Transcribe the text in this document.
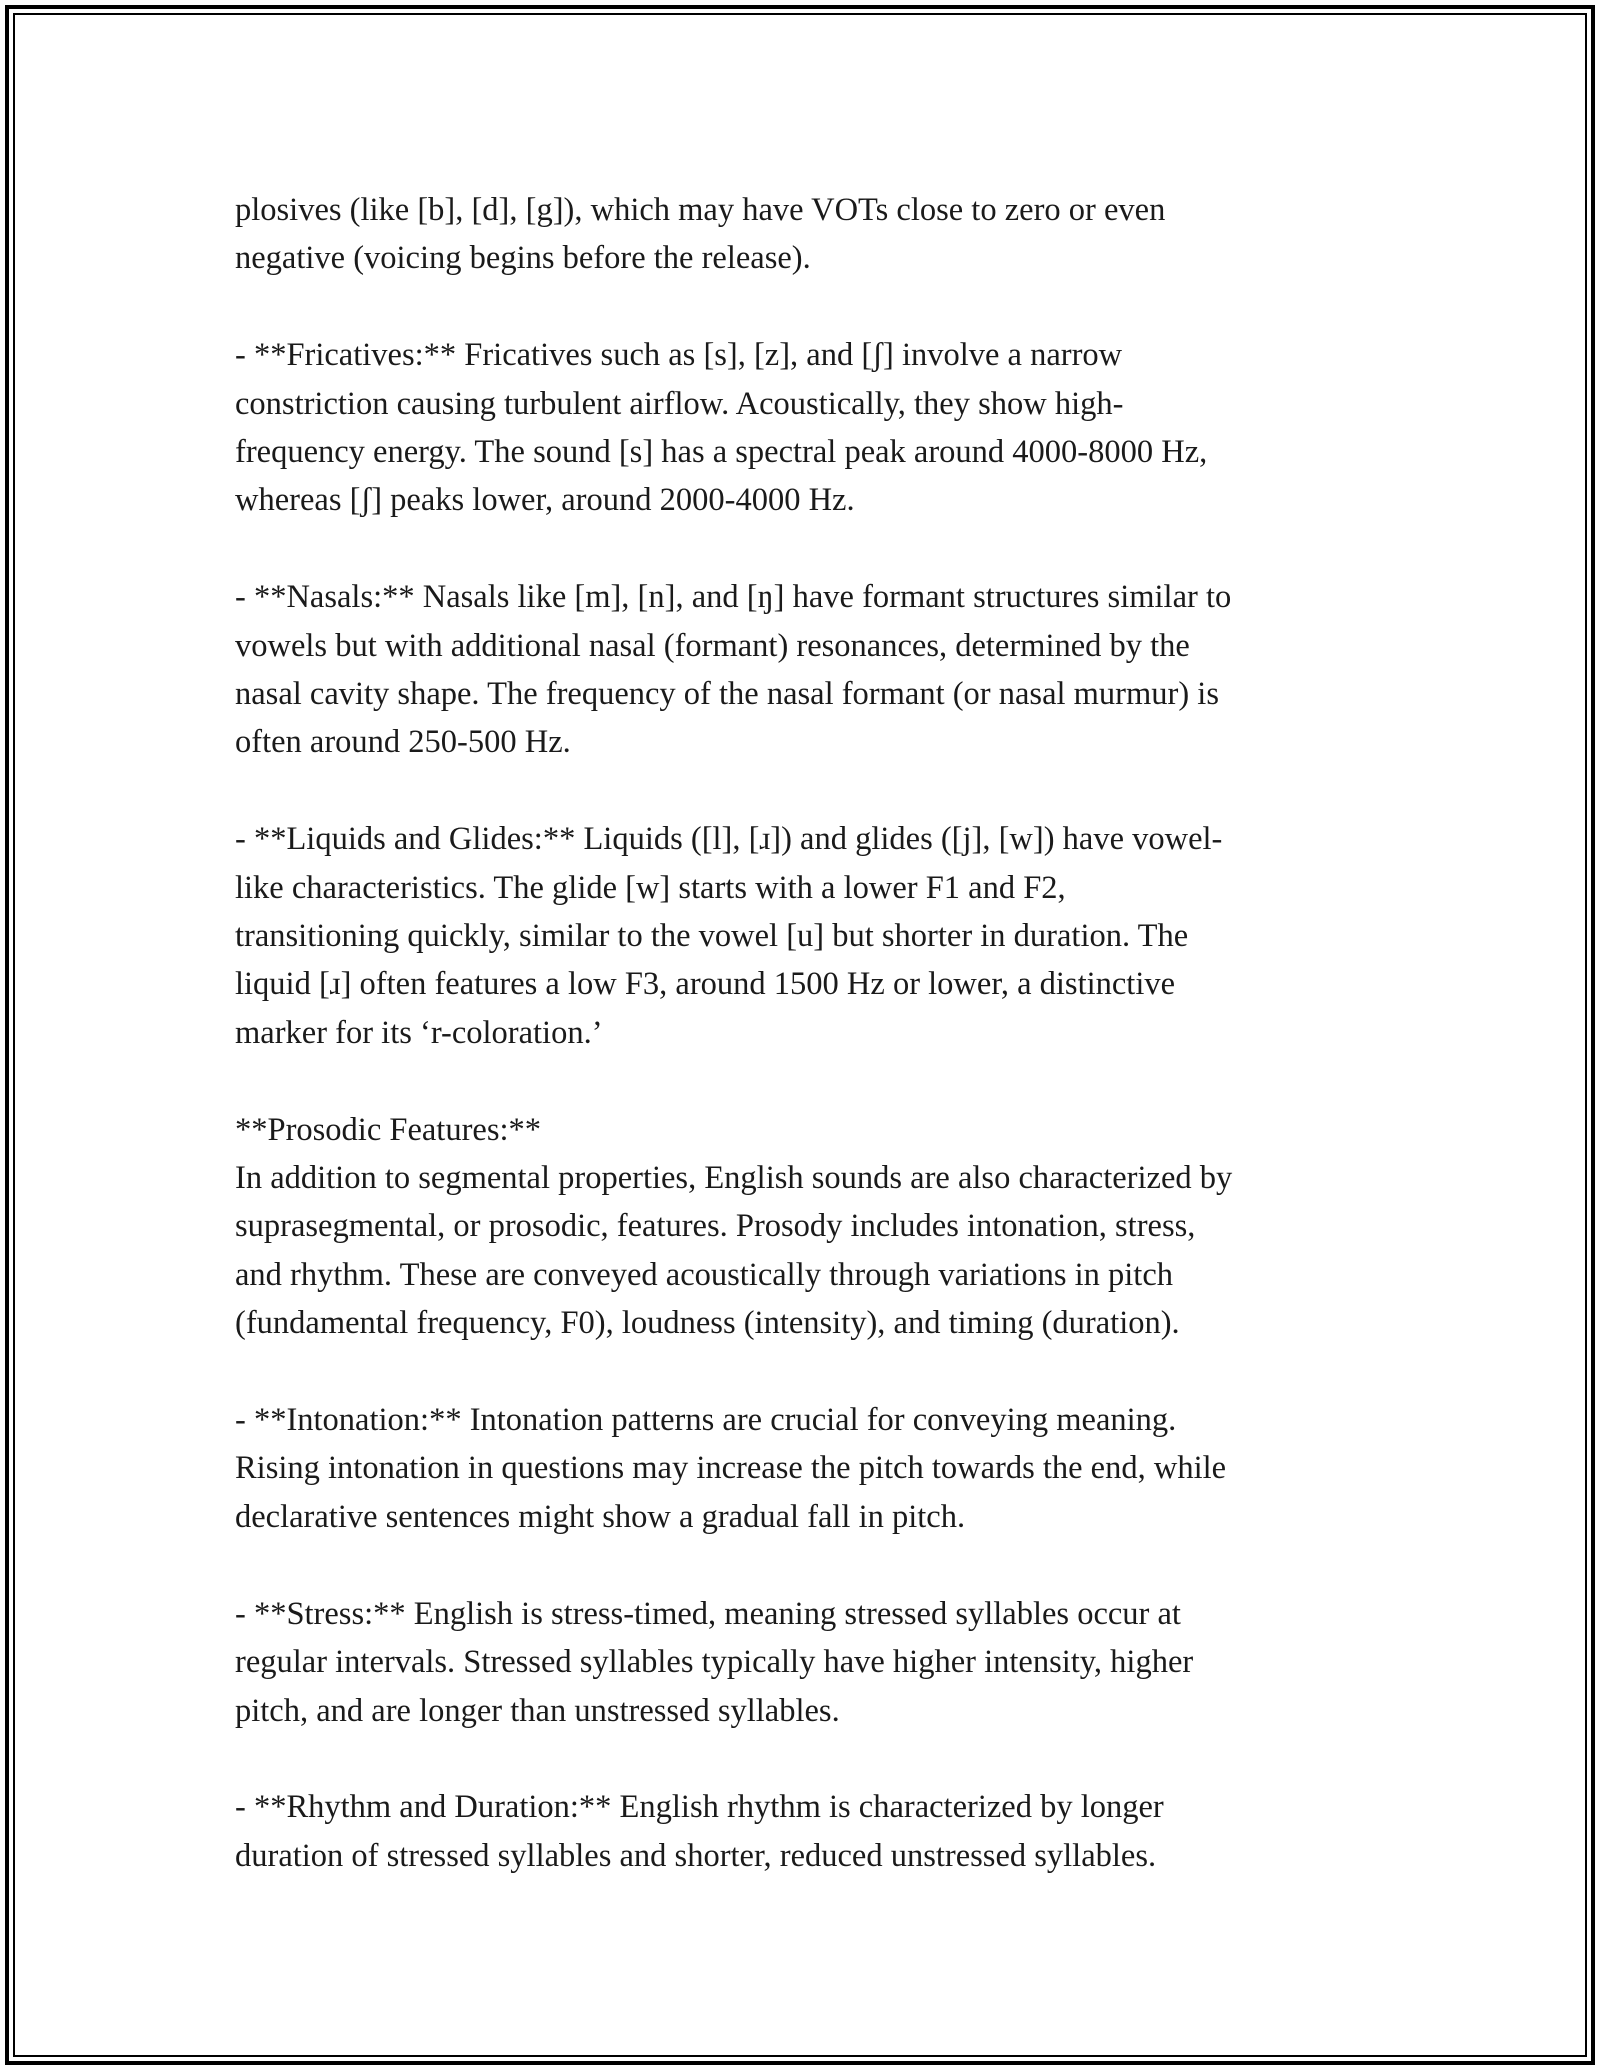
plosives (like [b], [d], [g]), which may have VOTs close to zero or even
negative (voicing begins before the release).

- **Fricatives:** Fricatives such as [s], [z], and [ʃ] involve a narrow
constriction causing turbulent airflow. Acoustically, they show high-
frequency energy. The sound [s] has a spectral peak around 4000-8000 Hz,
whereas [ʃ] peaks lower, around 2000-4000 Hz.

- **Nasals:** Nasals like [m], [n], and [ŋ] have formant structures similar to
vowels but with additional nasal (formant) resonances, determined by the
nasal cavity shape. The frequency of the nasal formant (or nasal murmur) is
often around 250-500 Hz.

- **Liquids and Glides:** Liquids ([l], [ɹ]) and glides ([j], [w]) have vowel-
like characteristics. The glide [w] starts with a lower F1 and F2,
transitioning quickly, similar to the vowel [u] but shorter in duration. The
liquid [ɹ] often features a low F3, around 1500 Hz or lower, a distinctive
marker for its ‘r-coloration.’

**Prosodic Features:**
In addition to segmental properties, English sounds are also characterized by
suprasegmental, or prosodic, features. Prosody includes intonation, stress,
and rhythm. These are conveyed acoustically through variations in pitch
(fundamental frequency, F0), loudness (intensity), and timing (duration).

- **Intonation:** Intonation patterns are crucial for conveying meaning.
Rising intonation in questions may increase the pitch towards the end, while
declarative sentences might show a gradual fall in pitch.

- **Stress:** English is stress-timed, meaning stressed syllables occur at
regular intervals. Stressed syllables typically have higher intensity, higher
pitch, and are longer than unstressed syllables.

- **Rhythm and Duration:** English rhythm is characterized by longer
duration of stressed syllables and shorter, reduced unstressed syllables.
